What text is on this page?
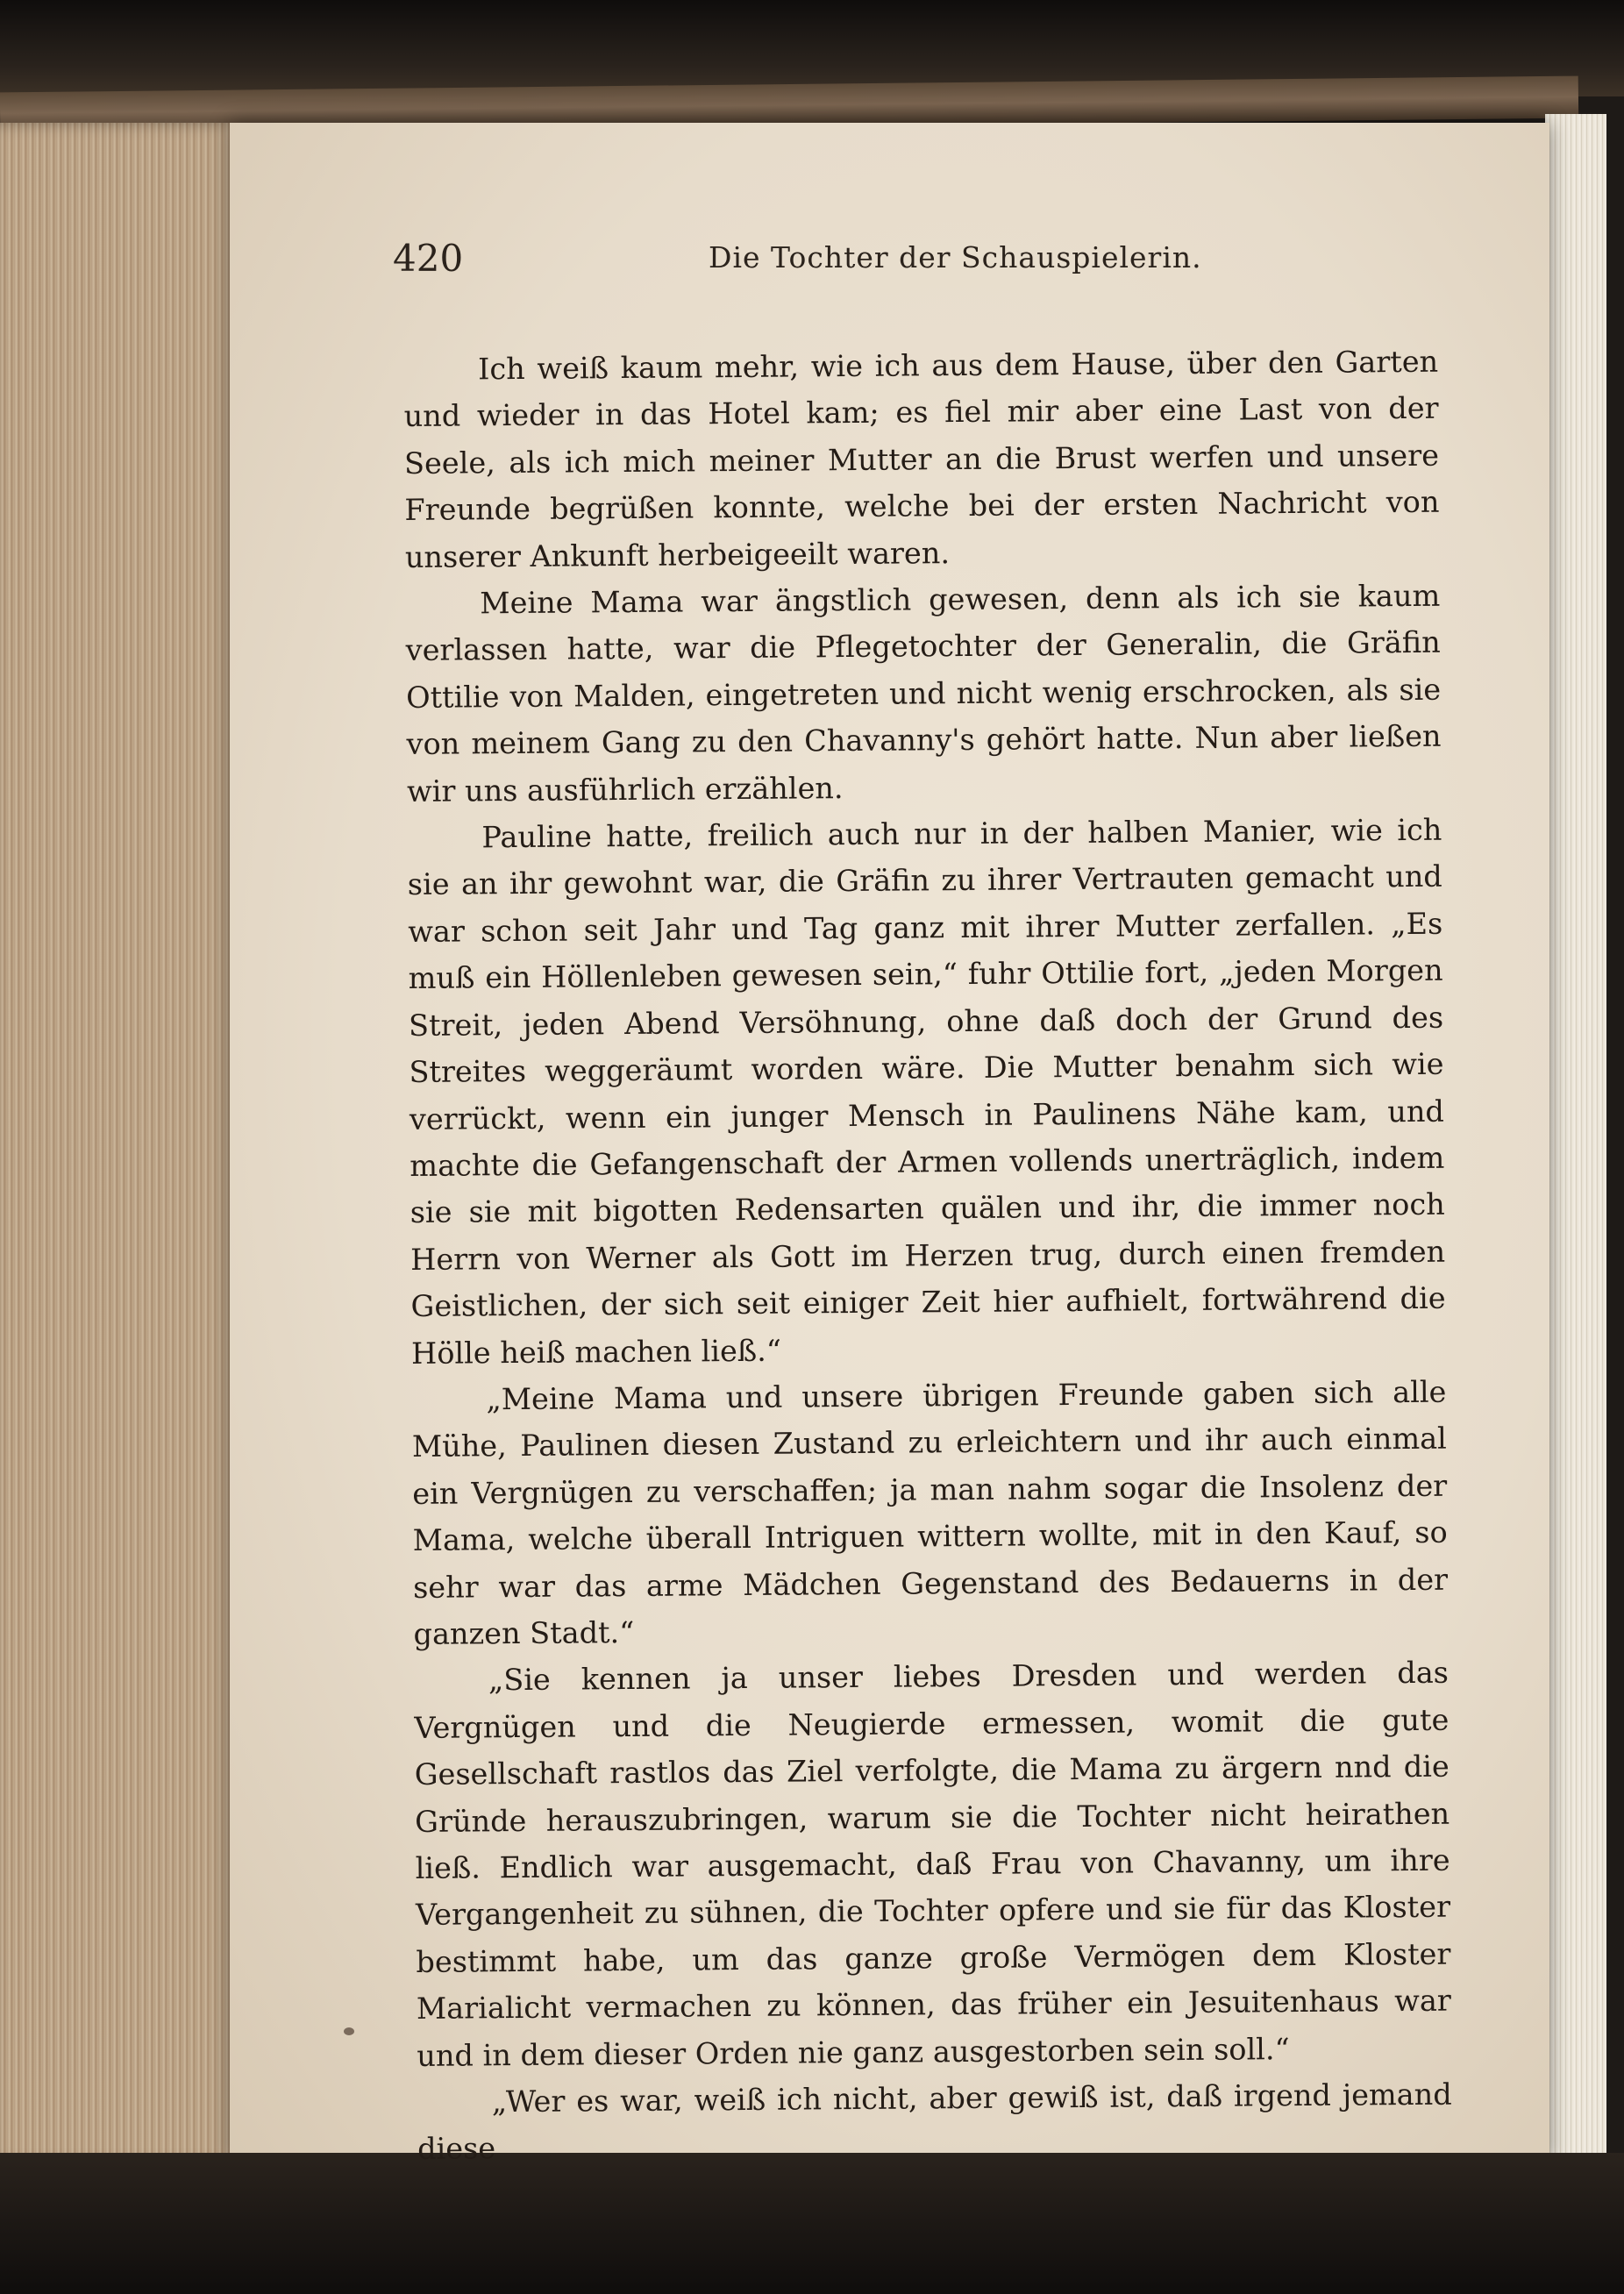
420	Die Tochter der Schauspielerin.

Ich weiß kaum mehr, wie ich aus dem Hause, über den Garten und wieder in das Hotel kam; es fiel mir aber eine Last von der Seele, als ich mich meiner Mutter an die Brust werfen und unsere Freunde begrüßen konnte, welche bei der ersten Nachricht von unserer Ankunft herbeigeeilt waren.

Meine Mama war ängstlich gewesen, denn als ich sie kaum verlassen hatte, war die Pflegetochter der Generalin, die Gräfin Ottilie von Malden, eingetreten und nicht wenig erschrocken, als sie von meinem Gang zu den Chavanny's gehört hatte. Nun aber ließen wir uns ausführlich erzählen.

Pauline hatte, freilich auch nur in der halben Manier, wie ich sie an ihr gewohnt war, die Gräfin zu ihrer Vertrauten gemacht und war schon seit Jahr und Tag ganz mit ihrer Mutter zerfallen. „Es muß ein Höllenleben gewesen sein,“ fuhr Ottilie fort, „jeden Morgen Streit, jeden Abend Versöhnung, ohne daß doch der Grund des Streites weggeräumt worden wäre. Die Mutter benahm sich wie verrückt, wenn ein junger Mensch in Paulinens Nähe kam, und machte die Gefangenschaft der Armen vollends unerträglich, indem sie sie mit bigotten Redensarten quälen und ihr, die immer noch Herrn von Werner als Gott im Herzen trug, durch einen fremden Geistlichen, der sich seit einiger Zeit hier aufhielt, fortwährend die Hölle heiß machen ließ.“

„Meine Mama und unsere übrigen Freunde gaben sich alle Mühe, Paulinen diesen Zustand zu erleichtern und ihr auch einmal ein Vergnügen zu verschaffen; ja man nahm sogar die Insolenz der Mama, welche überall Intriguen wittern wollte, mit in den Kauf, so sehr war das arme Mädchen Gegenstand des Bedauerns in der ganzen Stadt.“

„Sie kennen ja unser liebes Dresden und werden das Vergnügen und die Neugierde ermessen, womit die gute Gesellschaft rastlos das Ziel verfolgte, die Mama zu ärgern nnd die Gründe herauszubringen, warum sie die Tochter nicht heirathen ließ. Endlich war ausgemacht, daß Frau von Chavanny, um ihre Vergangenheit zu sühnen, die Tochter opfere und sie für das Kloster bestimmt habe, um das ganze große Vermögen dem Kloster Marialicht vermachen zu können, das früher ein Jesuitenhaus war und in dem dieser Orden nie ganz ausgestorben sein soll.“

„Wer es war, weiß ich nicht, aber gewiß ist, daß irgend jemand diese
